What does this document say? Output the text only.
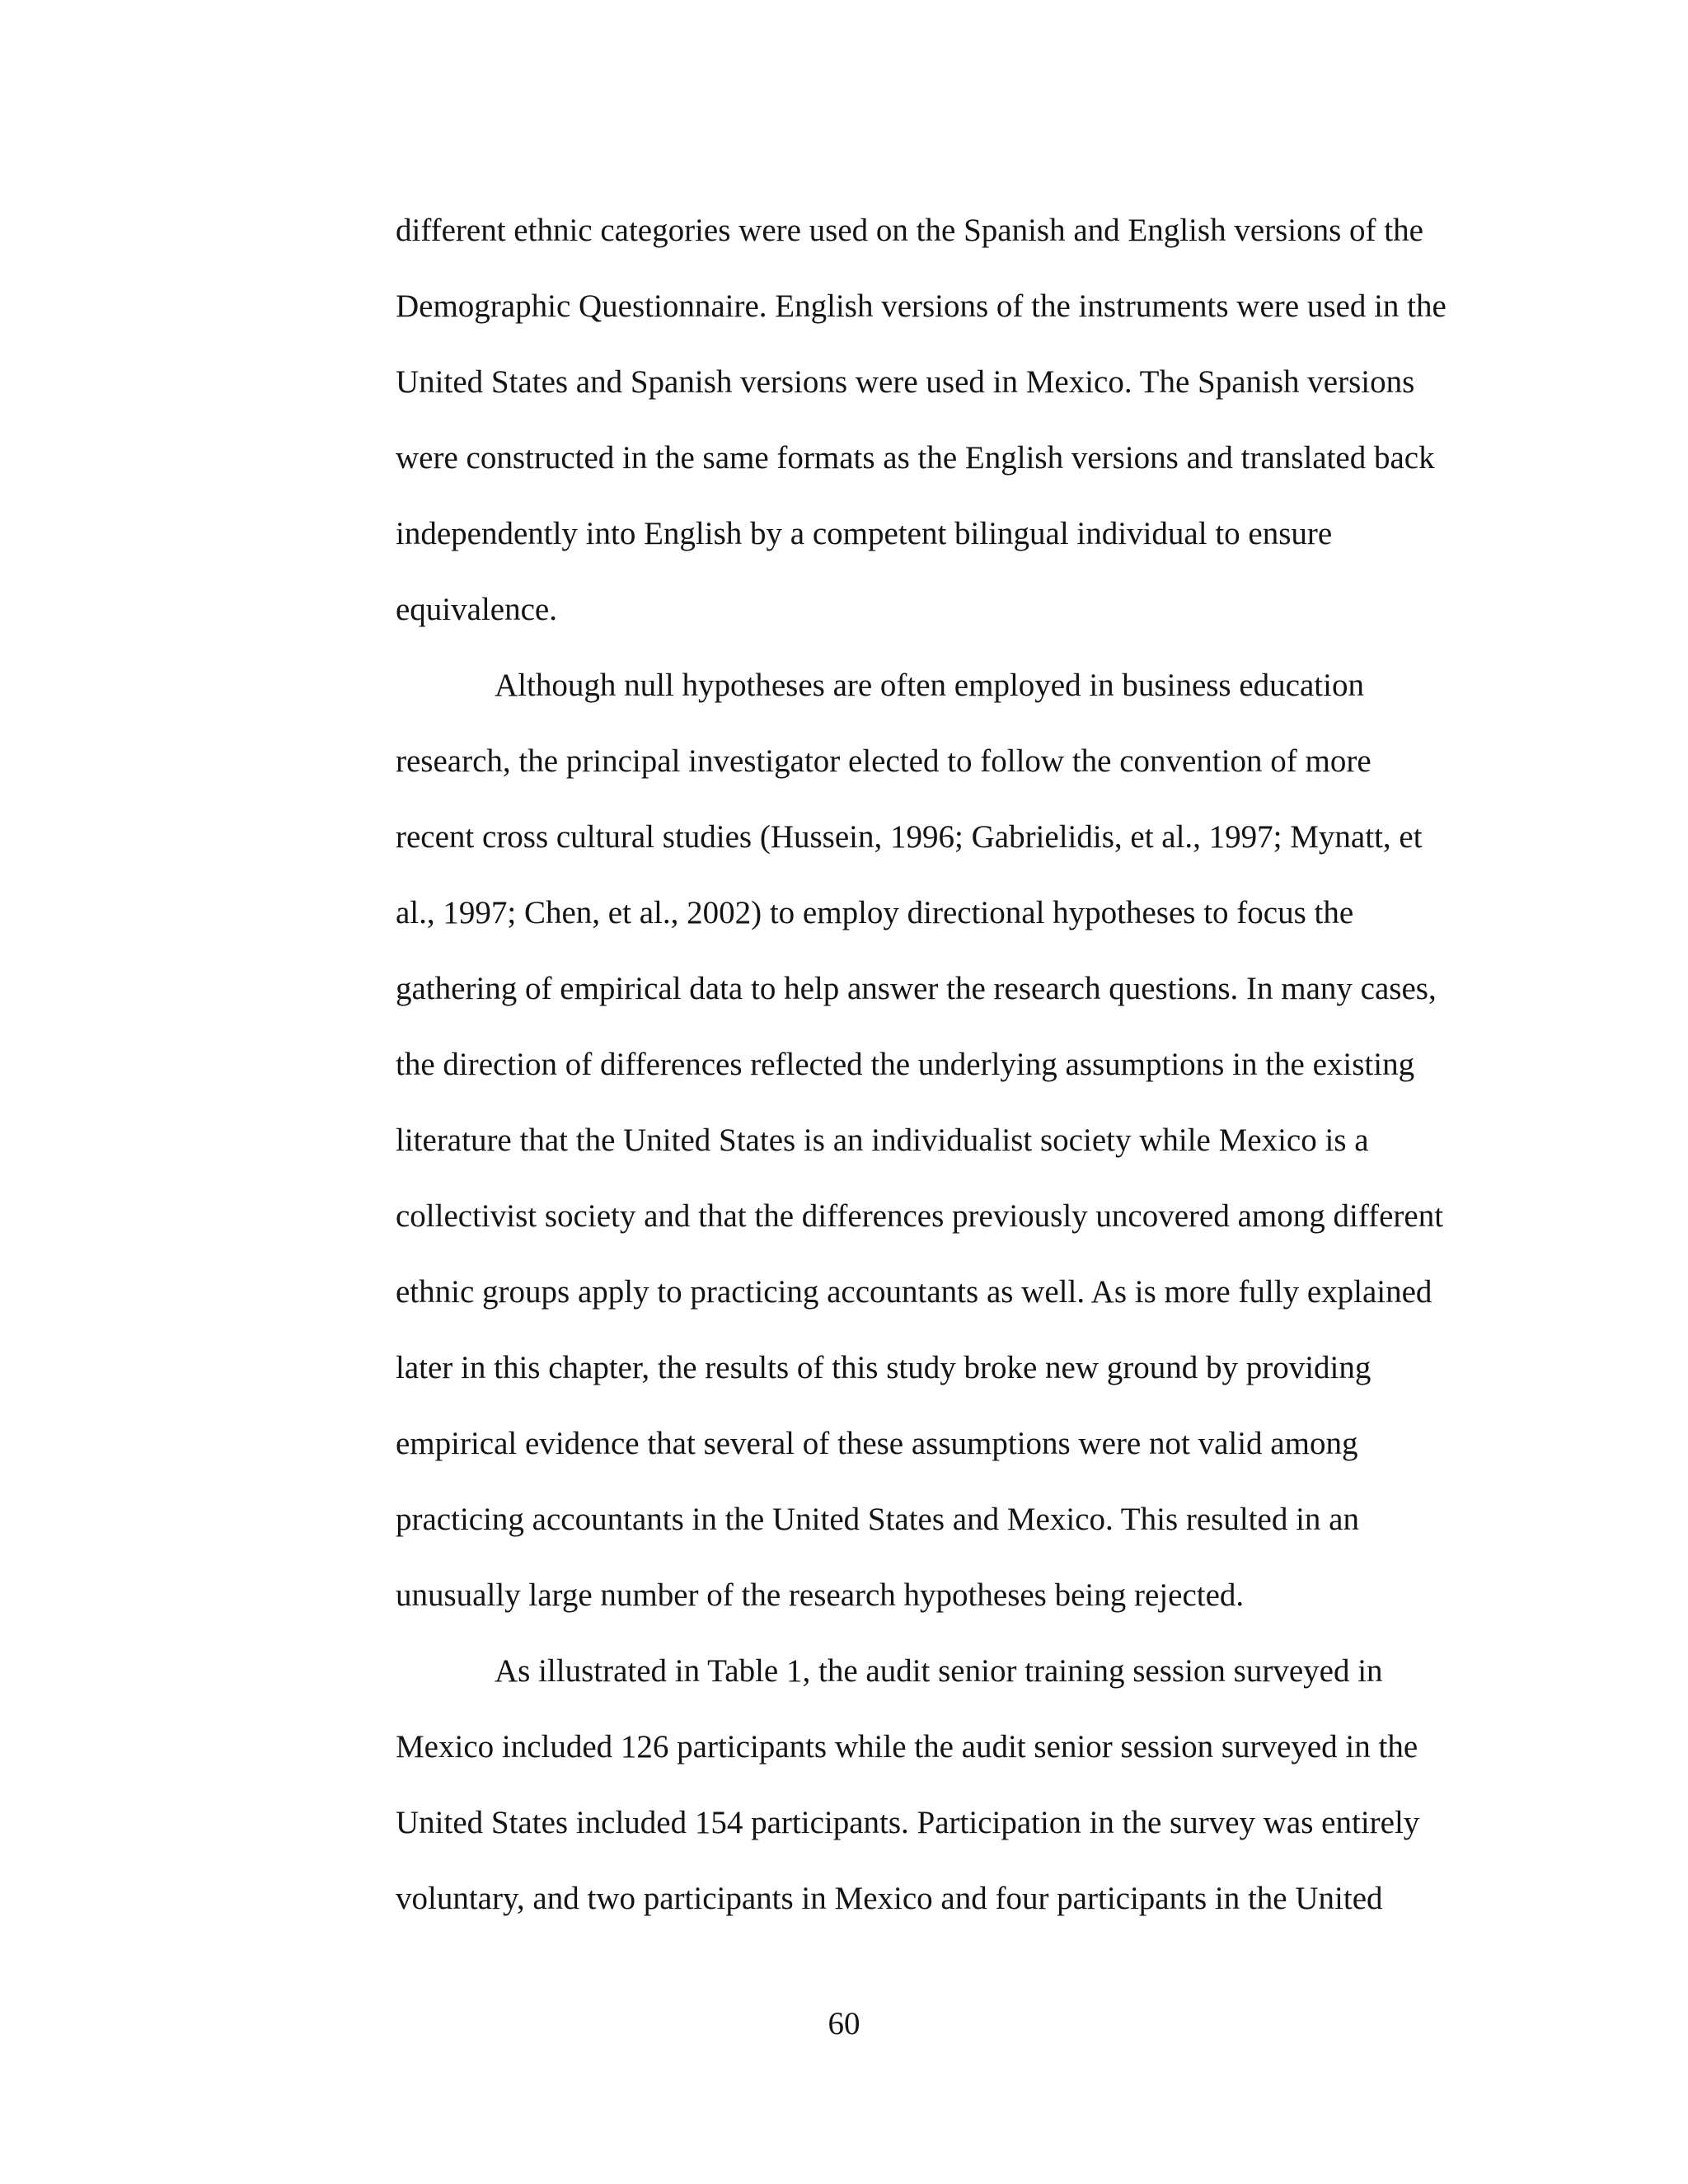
different ethnic categories were used on the Spanish and English versions of the
Demographic Questionnaire. English versions of the instruments were used in the
United States and Spanish versions were used in Mexico. The Spanish versions
were constructed in the same formats as the English versions and translated back
independently into English by a competent bilingual individual to ensure
equivalence.
Although null hypotheses are often employed in business education
research, the principal investigator elected to follow the convention of more
recent cross cultural studies (Hussein, 1996; Gabrielidis, et al., 1997; Mynatt, et
al., 1997; Chen, et al., 2002) to employ directional hypotheses to focus the
gathering of empirical data to help answer the research questions. In many cases,
the direction of differences reflected the underlying assumptions in the existing
literature that the United States is an individualist society while Mexico is a
collectivist society and that the differences previously uncovered among different
ethnic groups apply to practicing accountants as well. As is more fully explained
later in this chapter, the results of this study broke new ground by providing
empirical evidence that several of these assumptions were not valid among
practicing accountants in the United States and Mexico. This resulted in an
unusually large number of the research hypotheses being rejected.
As illustrated in Table 1, the audit senior training session surveyed in
Mexico included 126 participants while the audit senior session surveyed in the
United States included 154 participants. Participation in the survey was entirely
voluntary, and two participants in Mexico and four participants in the United
60
